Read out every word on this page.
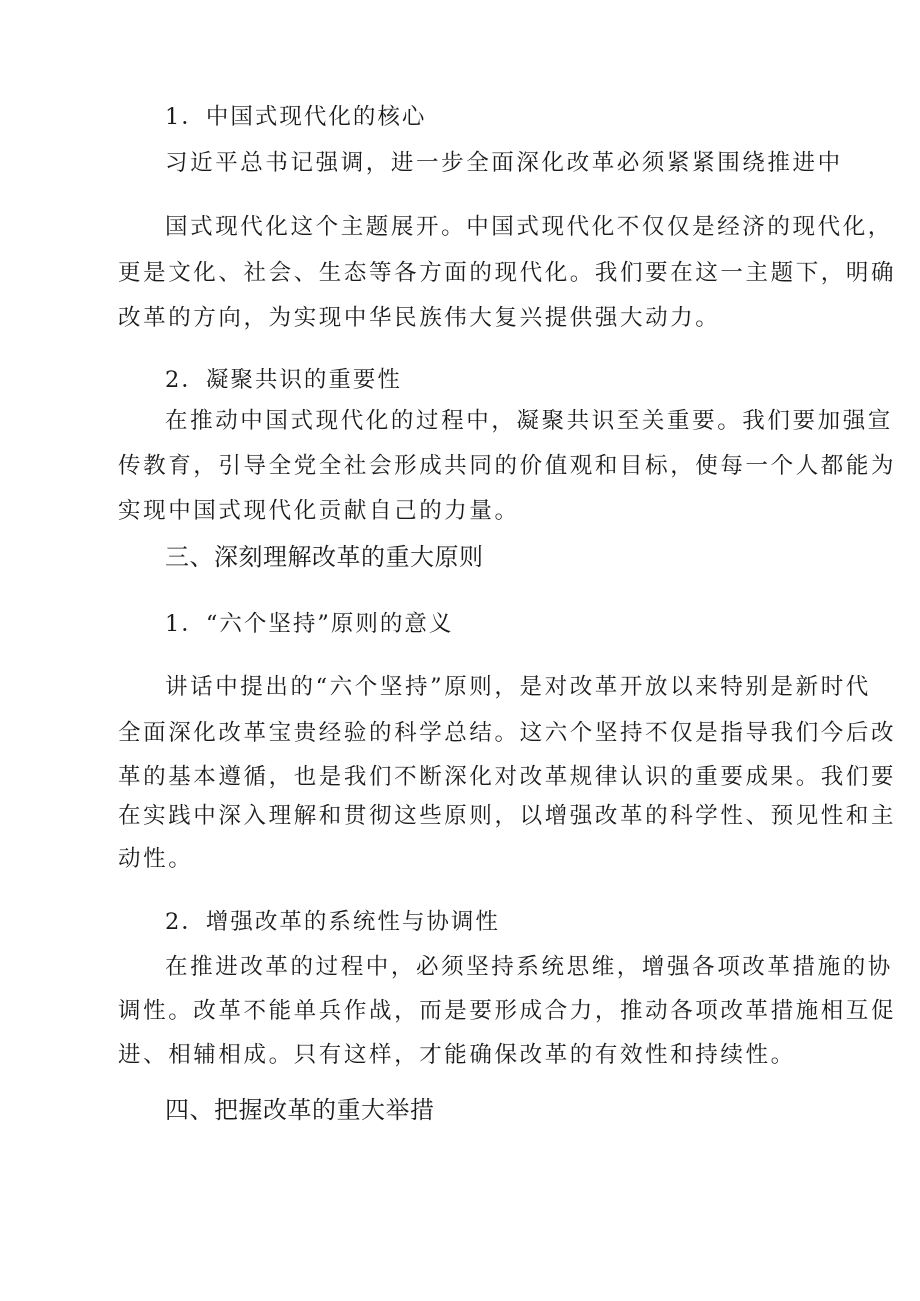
1．中国式现代化的核心
习近平总书记强调，进一步全面深化改革必须紧紧围绕推进中
国式现代化这个主题展开。中国式现代化不仅仅是经济的现代化，
更是文化、社会、生态等各方面的现代化。我们要在这一主题下，明确
改革的方向，为实现中华民族伟大复兴提供强大动力。
2．凝聚共识的重要性
在推动中国式现代化的过程中，凝聚共识至关重要。我们要加强宣
传教育，引导全党全社会形成共同的价值观和目标，使每一个人都能为
实现中国式现代化贡献自己的力量。
三、深刻理解改革的重大原则
1．“六个坚持”原则的意义
讲话中提出的“六个坚持”原则，是对改革开放以来特别是新时代
全面深化改革宝贵经验的科学总结。这六个坚持不仅是指导我们今后改
革的基本遵循，也是我们不断深化对改革规律认识的重要成果。我们要
在实践中深入理解和贯彻这些原则，以增强改革的科学性、预见性和主
动性。
2．增强改革的系统性与协调性
在推进改革的过程中，必须坚持系统思维，增强各项改革措施的协
调性。改革不能单兵作战，而是要形成合力，推动各项改革措施相互促
进、相辅相成。只有这样，才能确保改革的有效性和持续性。
四、把握改革的重大举措
